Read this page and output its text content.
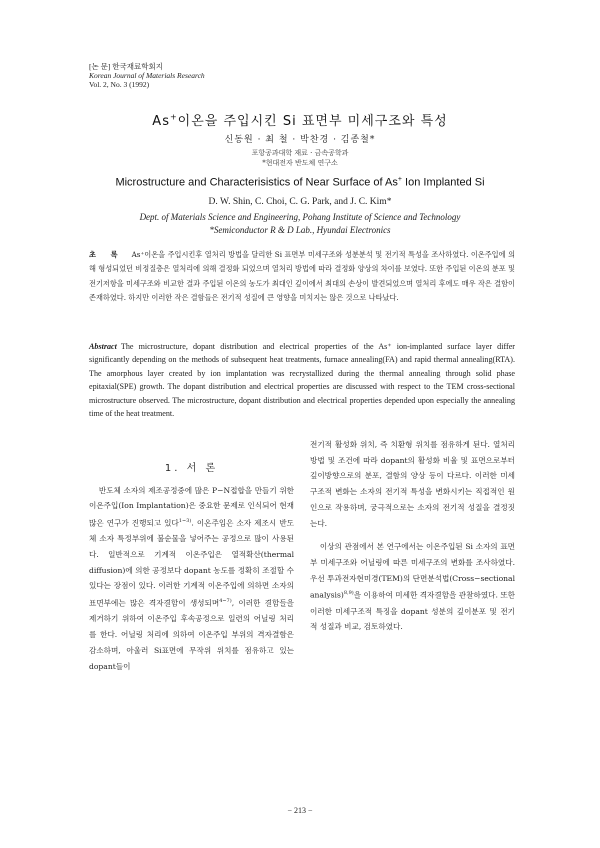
[논 문] 한국재료학회지
Korean Journal of Materials Research
Vol. 2, No. 3 (1992)
As+이온을 주입시킨 Si 표면부 미세구조와 특성
신동원 · 최 철 · 박찬경 · 김종철*
포항공과대학 재료 · 금속공학과
*현대전자 반도체 연구소
Microstructure and Characterisistics of Near Surface of As+ Ion Implanted Si
D. W. Shin, C. Choi, C. G. Park, and J. C. Kim*
Dept. of Materials Science and Engineering, Pohang Institute of Science and Technology
*Semiconductor R & D Lab., Hyundai Electronics
초 록 As⁺이온을 주입시킨후 열처리 방법을 달리한 Si 표면부 미세구조와 성분분석 및 전기적 특성을 조사하였다. 이온주입에 의해 형성되었던 비정질층은 열처리에 의해 결정화 되었으며 열처리 방법에 따라 결정화 양상의 차이를 보였다. 또한 주입된 이온의 분포 및 전기저항을 미세구조와 비교한 결과 주입된 이온의 농도가 최대인 깊이에서 최대의 손상이 발견되었으며 열처리 후에도 매우 작은 결함이 존재하였다. 하지만 이러한 작은 결함들은 전기적 성질에 큰 영향을 미치지는 않은 것으로 나타났다.
Abstract The microstructure, dopant distribution and electrical properties of the As⁺ ion-implanted surface layer differ significantly depending on the methods of subsequent heat treatments, furnace annealing(FA) and rapid thermal annealing(RTA). The amorphous layer created by ion implantation was recrystallized during the thermal annealing through solid phase epitaxial(SPE) growth. The dopant distribution and electrical properties are discussed with respect to the TEM cross-sectional microstructure observed. The microstructure, dopant distribution and electrical properties depended upon especially the annealing time of the heat treatment.
1. 서 론

반도체 소자의 제조공정중에 많은 P−N접합을 만들기 위한 이온주입(Ion Implantation)은 중요한 문제로 인식되어 현재 많은 연구가 진행되고 있다$^{1\sim 3)}$. 이온주입은 소자 제조시 반도체 소자 특정부위에 불순물을 넣어주는 공정으로 많이 사용된다. 일반적으로 기계적 이온주입은 열적확산(thermal diffusion)에 의한 공정보다 dopant 농도를 정확히 조절할 수 있다는 장점이 있다. 이러한 기계적 이온주입에 의하면 소자의 표면부에는 많은 격자결함이 생성되며$^{4\sim 7)}$, 이러한 결함들을 제거하기 위하여 이온주입 후속공정으로 일련의 어닐링 처리를 한다. 어닐링 처리에 의하여 이온주입 부위의 격자결함은 감소하며, 아울러 Si표면에 무작위 위치를 점유하고 있는 dopant들이

전기적 활성화 위치, 즉 치환형 위치를 점유하게 된다. 열처리 방법 및 조건에 따라 dopant의 활성화 비율 및 표면으로부터 깊이방향으로의 분포, 결함의 양상 등이 다르다. 이러한 미세구조적 변화는 소자의 전기적 특성을 변화시키는 직접적인 원인으로 작용하며, 궁극적으로는 소자의 전기적 성질을 결정짓는다.

이상의 관점에서 본 연구에서는 이온주입된 Si 소자의 표면부 미세구조와 어닐링에 따른 미세구조의 변화를 조사하였다. 우선 투과전자현미경(TEM)의 단면분석법(Cross−sectional analysis)$^{8,9)}$을 이용하여 미세한 격자결함을 관찰하였다. 또한 이러한 미세구조적 특징을 dopant 성분의 깊이분포 및 전기적 성질과 비교, 검토하였다.

− 213 −
